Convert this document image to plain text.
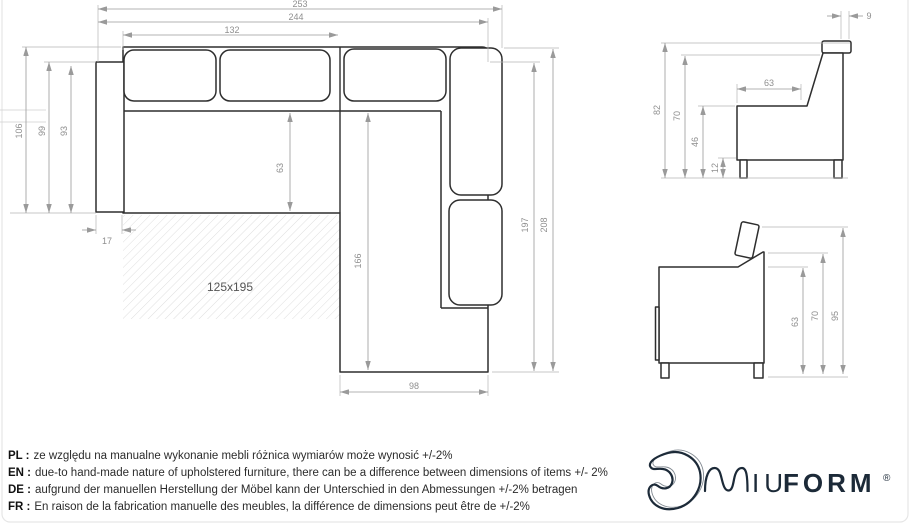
125x195
253
244
132
106 99 93
17
63
166
98
197 208
9
82
70
46
12
63
63
70 95
IU
FORM ®
PL : ze względu na manualne wykonanie mebli różnica wymiarów może wynosić +/-2%
EN : due-to hand-made nature of upholstered furniture, there can be a difference between dimensions of items +/- 2%
DE : aufgrund der manuellen Herstellung der Möbel kann der Unterschied in den Abmessungen +/-2% betragen
FR : En raison de la fabrication manuelle des meubles, la différence de dimensions peut être de +/-2%
